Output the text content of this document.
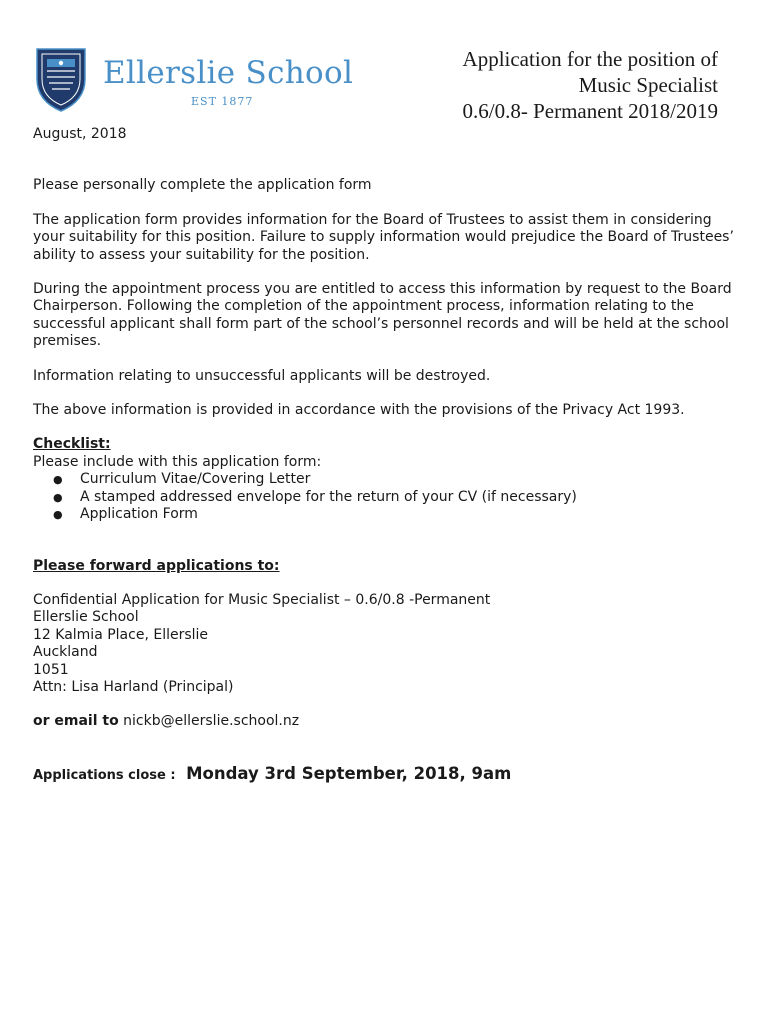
Ellerslie School
EST 1877
Application for the position of
Music Specialist
0.6/0.8- Permanent 2018/2019

August, 2018

Please personally complete the application form

The application form provides information for the Board of Trustees to assist them in considering your suitability for this position. Failure to supply information would prejudice the Board of Trustees’ ability to assess your suitability for the position.

During the appointment process you are entitled to access this information by request to the Board Chairperson. Following the completion of the appointment process, information relating to the successful applicant shall form part of the school’s personnel records and will be held at the school premises.

Information relating to unsuccessful applicants will be destroyed.

The above information is provided in accordance with the provisions of the Privacy Act 1993.

Checklist:

Please include with this application form:

● Curriculum Vitae/Covering Letter
● A stamped addressed envelope for the return of your CV (if necessary)
● Application Form

Please forward applications to:

Confidential Application for Music Specialist – 0.6/0.8 -Permanent

Ellerslie School

12 Kalmia Place, Ellerslie

Auckland

1051

Attn: Lisa Harland (Principal)

or email to nickb@ellerslie.school.nz

Applications close : Monday 3rd September, 2018, 9am
